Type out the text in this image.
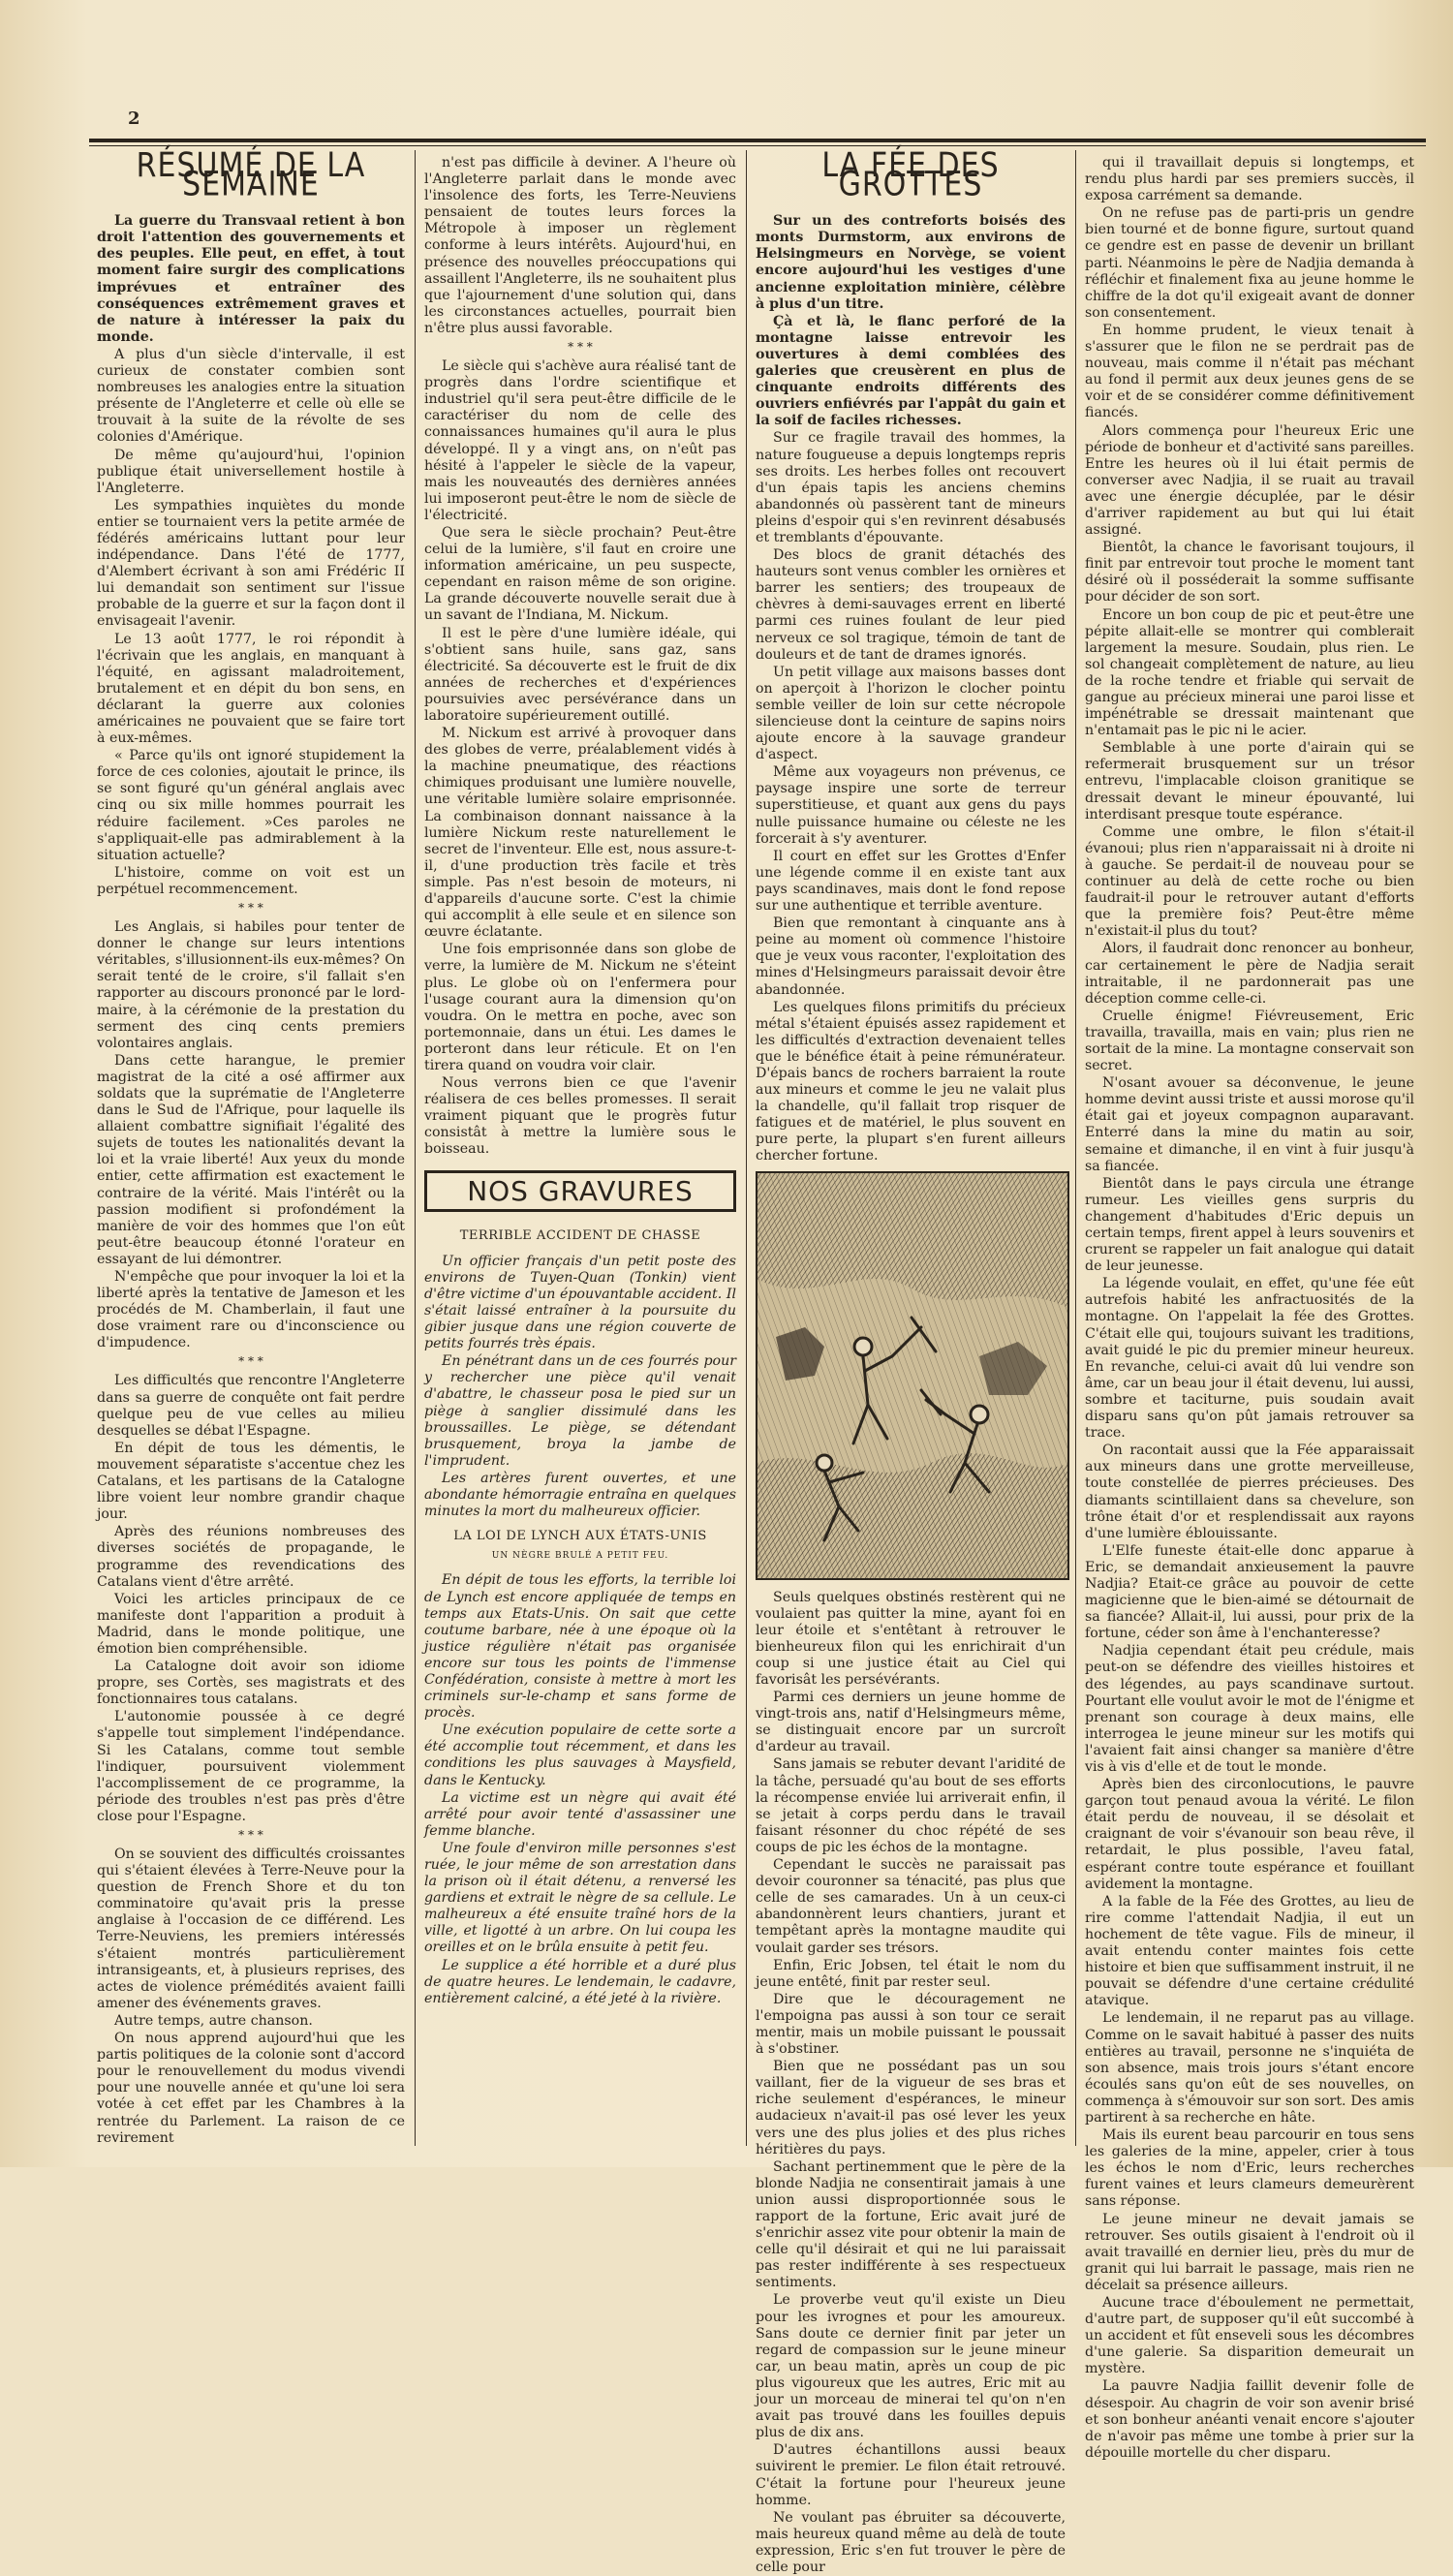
2
RÉSUMÉ DE LA SEMAINE

La guerre du Transvaal retient à bon droit l'attention des gouvernements et des peuples. Elle peut, en effet, à tout moment faire surgir des complications imprévues et entraîner des conséquences extrêmement graves et de nature à intéresser la paix du monde.

A plus d'un siècle d'intervalle, il est curieux de constater combien sont nombreuses les analogies entre la situation présente de l'Angleterre et celle où elle se trouvait à la suite de la révolte de ses colonies d'Amérique.

De même qu'aujourd'hui, l'opinion publique était universellement hostile à l'Angleterre.

Les sympathies inquiètes du monde entier se tournaient vers la petite armée de fédérés américains luttant pour leur indépendance. Dans l'été de 1777, d'Alembert écrivant à son ami Frédéric II lui demandait son sentiment sur l'issue probable de la guerre et sur la façon dont il envisageait l'avenir.

Le 13 août 1777, le roi répondit à l'écrivain que les anglais, en manquant à l'équité, en agissant maladroitement, brutalement et en dépit du bon sens, en déclarant la guerre aux colonies américaines ne pouvaient que se faire tort à eux-mêmes.

« Parce qu'ils ont ignoré stupidement la force de ces colonies, ajoutait le prince, ils se sont figuré qu'un général anglais avec cinq ou six mille hommes pourrait les réduire facilement. »Ces paroles ne s'appliquait-elle pas admirablement à la situation actuelle?

L'histoire, comme on voit est un perpétuel recommencement.

* * *

Les Anglais, si habiles pour tenter de donner le change sur leurs intentions véritables, s'illusionnent-ils eux-mêmes? On serait tenté de le croire, s'il fallait s'en rapporter au discours prononcé par le lord-maire, à la cérémonie de la prestation du serment des cinq cents premiers volontaires anglais.

Dans cette harangue, le premier magistrat de la cité a osé affirmer aux soldats que la suprématie de l'Angleterre dans le Sud de l'Afrique, pour laquelle ils allaient combattre signifiait l'égalité des sujets de toutes les nationalités devant la loi et la vraie liberté! Aux yeux du monde entier, cette affirmation est exactement le contraire de la vérité. Mais l'intérêt ou la passion modifient si profondément la manière de voir des hommes que l'on eût peut-être beaucoup étonné l'orateur en essayant de lui démontrer.

N'empêche que pour invoquer la loi et la liberté après la tentative de Jameson et les procédés de M. Chamberlain, il faut une dose vraiment rare ou d'inconscience ou d'impudence.

* * *

Les difficultés que rencontre l'Angleterre dans sa guerre de conquête ont fait perdre quelque peu de vue celles au milieu desquelles se débat l'Espagne.

En dépit de tous les démentis, le mouvement séparatiste s'accentue chez les Catalans, et les partisans de la Catalogne libre voient leur nombre grandir chaque jour.

Après des réunions nombreuses des diverses sociétés de propagande, le programme des revendications des Catalans vient d'être arrêté.

Voici les articles principaux de ce manifeste dont l'apparition a produit à Madrid, dans le monde politique, une émotion bien compréhensible.

La Catalogne doit avoir son idiome propre, ses Cortès, ses magistrats et des fonctionnaires tous catalans.

L'autonomie poussée à ce degré s'appelle tout simplement l'indépendance. Si les Catalans, comme tout semble l'indiquer, poursuivent violemment l'accomplissement de ce programme, la période des troubles n'est pas près d'être close pour l'Espagne.

* * *

On se souvient des difficultés croissantes qui s'étaient élevées à Terre-Neuve pour la question de French Shore et du ton comminatoire qu'avait pris la presse anglaise à l'occasion de ce différend. Les Terre-Neuviens, les premiers intéressés s'étaient montrés particulièrement intransigeants, et, à plusieurs reprises, des actes de violence prémédités avaient failli amener des événements graves.

Autre temps, autre chanson.

On nous apprend aujourd'hui que les partis politiques de la colonie sont d'accord pour le renouvellement du modus vivendi pour une nouvelle année et qu'une loi sera votée à cet effet par les Chambres à la rentrée du Parlement. La raison de ce revirement

n'est pas difficile à deviner. A l'heure où l'Angleterre parlait dans le monde avec l'insolence des forts, les Terre-Neuviens pensaient de toutes leurs forces la Métropole à imposer un règlement conforme à leurs intérêts. Aujourd'hui, en présence des nouvelles préoccupations qui assaillent l'Angleterre, ils ne souhaitent plus que l'ajournement d'une solution qui, dans les circonstances actuelles, pourrait bien n'être plus aussi favorable.

* * *

Le siècle qui s'achève aura réalisé tant de progrès dans l'ordre scientifique et industriel qu'il sera peut-être difficile de le caractériser du nom de celle des connaissances humaines qu'il aura le plus développé. Il y a vingt ans, on n'eût pas hésité à l'appeler le siècle de la vapeur, mais les nouveautés des dernières années lui imposeront peut-être le nom de siècle de l'électricité.

Que sera le siècle prochain? Peut-être celui de la lumière, s'il faut en croire une information américaine, un peu suspecte, cependant en raison même de son origine. La grande découverte nouvelle serait due à un savant de l'Indiana, M. Nickum.

Il est le père d'une lumière idéale, qui s'obtient sans huile, sans gaz, sans électricité. Sa découverte est le fruit de dix années de recherches et d'expériences poursuivies avec persévérance dans un laboratoire supérieurement outillé.

M. Nickum est arrivé à provoquer dans des globes de verre, préalablement vidés à la machine pneumatique, des réactions chimiques produisant une lumière nouvelle, une véritable lumière solaire emprisonnée. La combinaison donnant naissance à la lumière Nickum reste naturellement le secret de l'inventeur. Elle est, nous assure-t-il, d'une production très facile et très simple. Pas n'est besoin de moteurs, ni d'appareils d'aucune sorte. C'est la chimie qui accomplit à elle seule et en silence son œuvre éclatante.

Une fois emprisonnée dans son globe de verre, la lumière de M. Nickum ne s'éteint plus. Le globe où on l'enfermera pour l'usage courant aura la dimension qu'on voudra. On le mettra en poche, avec son portemonnaie, dans un étui. Les dames le porteront dans leur réticule. Et on l'en tirera quand on voudra voir clair.

Nous verrons bien ce que l'avenir réalisera de ces belles promesses. Il serait vraiment piquant que le progrès futur consistât à mettre la lumière sous le boisseau.

NOS GRAVURES
TERRIBLE ACCIDENT DE CHASSE

Un officier français d'un petit poste des environs de Tuyen-Quan (Tonkin) vient d'être victime d'un épouvantable accident. Il s'était laissé entraîner à la poursuite du gibier jusque dans une région couverte de petits fourrés très épais.

En pénétrant dans un de ces fourrés pour y rechercher une pièce qu'il venait d'abattre, le chasseur posa le pied sur un piège à sanglier dissimulé dans les broussailles. Le piège, se détendant brusquement, broya la jambe de l'imprudent.

Les artères furent ouvertes, et une abondante hémorragie entraîna en quelques minutes la mort du malheureux officier.

LA LOI DE LYNCH AUX ÉTATS-UNIS
UN NÈGRE BRULÉ A PETIT FEU.

En dépit de tous les efforts, la terrible loi de Lynch est encore appliquée de temps en temps aux Etats-Unis. On sait que cette coutume barbare, née à une époque où la justice régulière n'était pas organisée encore sur tous les points de l'immense Confédération, consiste à mettre à mort les criminels sur-le-champ et sans forme de procès.

Une exécution populaire de cette sorte a été accomplie tout récemment, et dans les conditions les plus sauvages à Maysfield, dans le Kentucky.

La victime est un nègre qui avait été arrêté pour avoir tenté d'assassiner une femme blanche.

Une foule d'environ mille personnes s'est ruée, le jour même de son arrestation dans la prison où il était détenu, a renversé les gardiens et extrait le nègre de sa cellule. Le malheureux a été ensuite traîné hors de la ville, et ligotté à un arbre. On lui coupa les oreilles et on le brûla ensuite à petit feu.

Le supplice a été horrible et a duré plus de quatre heures. Le lendemain, le cadavre, entièrement calciné, a été jeté à la rivière.

LA FÉE DES GROTTES

Sur un des contreforts boisés des monts Durmstorm, aux environs de Helsingmeurs en Norvège, se voient encore aujourd'hui les vestiges d'une ancienne exploitation minière, célèbre à plus d'un titre.

Çà et là, le flanc perforé de la montagne laisse entrevoir les ouvertures à demi comblées des galeries que creusèrent en plus de cinquante endroits différents des ouvriers enfiévrés par l'appât du gain et la soif de faciles richesses.

Sur ce fragile travail des hommes, la nature fougueuse a depuis longtemps repris ses droits. Les herbes folles ont recouvert d'un épais tapis les anciens chemins abandonnés où passèrent tant de mineurs pleins d'espoir qui s'en revinrent désabusés et tremblants d'épouvante.

Des blocs de granit détachés des hauteurs sont venus combler les ornières et barrer les sentiers; des troupeaux de chèvres à demi-sauvages errent en liberté parmi ces ruines foulant de leur pied nerveux ce sol tragique, témoin de tant de douleurs et de tant de drames ignorés.

Un petit village aux maisons basses dont on aperçoit à l'horizon le clocher pointu semble veiller de loin sur cette nécropole silencieuse dont la ceinture de sapins noirs ajoute encore à la sauvage grandeur d'aspect.

Même aux voyageurs non prévenus, ce paysage inspire une sorte de terreur superstitieuse, et quant aux gens du pays nulle puissance humaine ou céleste ne les forcerait à s'y aventurer.

Il court en effet sur les Grottes d'Enfer une légende comme il en existe tant aux pays scandinaves, mais dont le fond repose sur une authentique et terrible aventure.

Bien que remontant à cinquante ans à peine au moment où commence l'histoire que je veux vous raconter, l'exploitation des mines d'Helsingmeurs paraissait devoir être abandonnée.

Les quelques filons primitifs du précieux métal s'étaient épuisés assez rapidement et les difficultés d'extraction devenaient telles que le bénéfice était à peine rémunérateur. D'épais bancs de rochers barraient la route aux mineurs et comme le jeu ne valait plus la chandelle, qu'il fallait trop risquer de fatigues et de matériel, le plus souvent en pure perte, la plupart s'en furent ailleurs chercher fortune.

Seuls quelques obstinés restèrent qui ne voulaient pas quitter la mine, ayant foi en leur étoile et s'entêtant à retrouver le bienheureux filon qui les enrichirait d'un coup si une justice était au Ciel qui favorisât les persévérants.

Parmi ces derniers un jeune homme de vingt-trois ans, natif d'Helsingmeurs même, se distinguait encore par un surcroît d'ardeur au travail.

Sans jamais se rebuter devant l'aridité de la tâche, persuadé qu'au bout de ses efforts la récompense enviée lui arriverait enfin, il se jetait à corps perdu dans le travail faisant résonner du choc répété de ses coups de pic les échos de la montagne.

Cependant le succès ne paraissait pas devoir couronner sa ténacité, pas plus que celle de ses camarades. Un à un ceux-ci abandonnèrent leurs chantiers, jurant et tempêtant après la montagne maudite qui voulait garder ses trésors.

Enfin, Eric Jobsen, tel était le nom du jeune entêté, finit par rester seul.

Dire que le découragement ne l'empoigna pas aussi à son tour ce serait mentir, mais un mobile puissant le poussait à s'obstiner.

Bien que ne possédant pas un sou vaillant, fier de la vigueur de ses bras et riche seulement d'espérances, le mineur audacieux n'avait-il pas osé lever les yeux vers une des plus jolies et des plus riches héritières du pays.

Sachant pertinemment que le père de la blonde Nadjia ne consentirait jamais à une union aussi disproportionnée sous le rapport de la fortune, Eric avait juré de s'enrichir assez vite pour obtenir la main de celle qu'il désirait et qui ne lui paraissait pas rester indifférente à ses respectueux sentiments.

Le proverbe veut qu'il existe un Dieu pour les ivrognes et pour les amoureux. Sans doute ce dernier finit par jeter un regard de compassion sur le jeune mineur car, un beau matin, après un coup de pic plus vigoureux que les autres, Eric mit au jour un morceau de minerai tel qu'on n'en avait pas trouvé dans les fouilles depuis plus de dix ans.

D'autres échantillons aussi beaux suivirent le premier. Le filon était retrouvé. C'était la fortune pour l'heureux jeune homme.

Ne voulant pas ébruiter sa découverte, mais heureux quand même au delà de toute expression, Eric s'en fut trouver le père de celle pour

qui il travaillait depuis si longtemps, et rendu plus hardi par ses premiers succès, il exposa carrément sa demande.

On ne refuse pas de parti-pris un gendre bien tourné et de bonne figure, surtout quand ce gendre est en passe de devenir un brillant parti. Néanmoins le père de Nadjia demanda à réfléchir et finalement fixa au jeune homme le chiffre de la dot qu'il exigeait avant de donner son consentement.

En homme prudent, le vieux tenait à s'assurer que le filon ne se perdrait pas de nouveau, mais comme il n'était pas méchant au fond il permit aux deux jeunes gens de se voir et de se considérer comme définitivement fiancés.

Alors commença pour l'heureux Eric une période de bonheur et d'activité sans pareilles. Entre les heures où il lui était permis de converser avec Nadjia, il se ruait au travail avec une énergie décuplée, par le désir d'arriver rapidement au but qui lui était assigné.

Bientôt, la chance le favorisant toujours, il finit par entrevoir tout proche le moment tant désiré où il posséderait la somme suffisante pour décider de son sort.

Encore un bon coup de pic et peut-être une pépite allait-elle se montrer qui comblerait largement la mesure. Soudain, plus rien. Le sol changeait complètement de nature, au lieu de la roche tendre et friable qui servait de gangue au précieux minerai une paroi lisse et impénétrable se dressait maintenant que n'entamait pas le pic ni le acier.

Semblable à une porte d'airain qui se refermerait brusquement sur un trésor entrevu, l'implacable cloison granitique se dressait devant le mineur épouvanté, lui interdisant presque toute espérance.

Comme une ombre, le filon s'était-il évanoui; plus rien n'apparaissait ni à droite ni à gauche. Se perdait-il de nouveau pour se continuer au delà de cette roche ou bien faudrait-il pour le retrouver autant d'efforts que la première fois? Peut-être même n'existait-il plus du tout?

Alors, il faudrait donc renoncer au bonheur, car certainement le père de Nadjia serait intraitable, il ne pardonnerait pas une déception comme celle-ci.

Cruelle énigme! Fiévreusement, Eric travailla, travailla, mais en vain; plus rien ne sortait de la mine. La montagne conservait son secret.

N'osant avouer sa déconvenue, le jeune homme devint aussi triste et aussi morose qu'il était gai et joyeux compagnon auparavant. Enterré dans la mine du matin au soir, semaine et dimanche, il en vint à fuir jusqu'à sa fiancée.

Bientôt dans le pays circula une étrange rumeur. Les vieilles gens surpris du changement d'habitudes d'Eric depuis un certain temps, firent appel à leurs souvenirs et crurent se rappeler un fait analogue qui datait de leur jeunesse.

La légende voulait, en effet, qu'une fée eût autrefois habité les anfractuosités de la montagne. On l'appelait la fée des Grottes. C'était elle qui, toujours suivant les traditions, avait guidé le pic du premier mineur heureux. En revanche, celui-ci avait dû lui vendre son âme, car un beau jour il était devenu, lui aussi, sombre et taciturne, puis soudain avait disparu sans qu'on pût jamais retrouver sa trace.

On racontait aussi que la Fée apparaissait aux mineurs dans une grotte merveilleuse, toute constellée de pierres précieuses. Des diamants scintillaient dans sa chevelure, son trône était d'or et resplendissait aux rayons d'une lumière éblouissante.

L'Elfe funeste était-elle donc apparue à Eric, se demandait anxieusement la pauvre Nadjia? Etait-ce grâce au pouvoir de cette magicienne que le bien-aimé se détournait de sa fiancée? Allait-il, lui aussi, pour prix de la fortune, céder son âme à l'enchanteresse?

Nadjia cependant était peu crédule, mais peut-on se défendre des vieilles histoires et des légendes, au pays scandinave surtout. Pourtant elle voulut avoir le mot de l'énigme et prenant son courage à deux mains, elle interrogea le jeune mineur sur les motifs qui l'avaient fait ainsi changer sa manière d'être vis à vis d'elle et de tout le monde.

Après bien des circonlocutions, le pauvre garçon tout penaud avoua la vérité. Le filon était perdu de nouveau, il se désolait et craignant de voir s'évanouir son beau rêve, il retardait, le plus possible, l'aveu fatal, espérant contre toute espérance et fouillant avidement la montagne.

A la fable de la Fée des Grottes, au lieu de rire comme l'attendait Nadjia, il eut un hochement de tête vague. Fils de mineur, il avait entendu conter maintes fois cette histoire et bien que suffisamment instruit, il ne pouvait se défendre d'une certaine crédulité atavique.

Le lendemain, il ne reparut pas au village. Comme on le savait habitué à passer des nuits entières au travail, personne ne s'inquiéta de son absence, mais trois jours s'étant encore écoulés sans qu'on eût de ses nouvelles, on commença à s'émouvoir sur son sort. Des amis partirent à sa recherche en hâte.

Mais ils eurent beau parcourir en tous sens les galeries de la mine, appeler, crier à tous les échos le nom d'Eric, leurs recherches furent vaines et leurs clameurs demeurèrent sans réponse.

Le jeune mineur ne devait jamais se retrouver. Ses outils gisaient à l'endroit où il avait travaillé en dernier lieu, près du mur de granit qui lui barrait le passage, mais rien ne décelait sa présence ailleurs.

Aucune trace d'éboulement ne permettait, d'autre part, de supposer qu'il eût succombé à un accident et fût enseveli sous les décombres d'une galerie. Sa disparition demeurait un mystère.

La pauvre Nadjia faillit devenir folle de désespoir. Au chagrin de voir son avenir brisé et son bonheur anéanti venait encore s'ajouter de n'avoir pas même une tombe à prier sur la dépouille mortelle du cher disparu.
